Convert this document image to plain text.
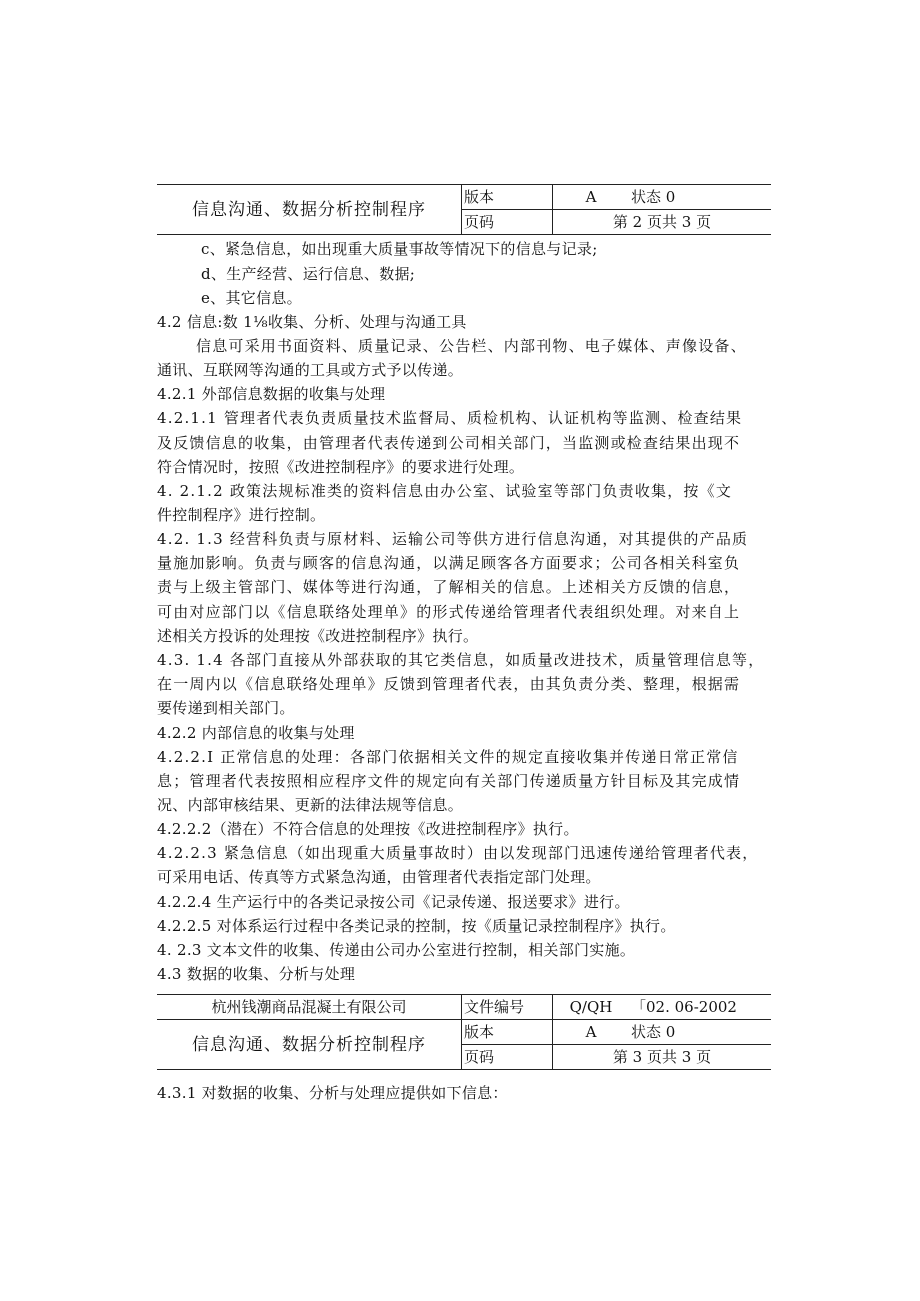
信息沟通、数据分析控制程序	版本	A	状态 0
	页码	第 2 页共 3 页	
c、紧急信息，如出现重大质量事故等情况下的信息与记录;
d、生产经营、运行信息、数据;
e、其它信息。
4.2 信息:数 1⅛收集、分析、处理与沟通工具
信息可采用书面资料、质量记录、公告栏、内部刊物、电子媒体、声像设备、
通讯、互联网等沟通的工具或方式予以传递。
4.2.1 外部信息数据的收集与处理
4.2.1.1 管理者代表负责质量技术监督局、质检机构、认证机构等监测、检查结果
及反馈信息的收集，由管理者代表传递到公司相关部门，当监测或检查结果出现不
符合情况时，按照《改进控制程序》的要求进行处理。
4. 2.1.2 政策法规标准类的资料信息由办公室、试验室等部门负责收集，按《文
件控制程序》进行控制。
4.2. 1.3 经营科负责与原材料、运输公司等供方进行信息沟通，对其提供的产品质
量施加影响。负责与顾客的信息沟通，以满足顾客各方面要求；公司各相关科室负
责与上级主管部门、媒体等进行沟通，了解相关的信息。上述相关方反馈的信息，
可由对应部门以《信息联络处理单》的形式传递给管理者代表组织处理。对来自上
述相关方投诉的处理按《改进控制程序》执行。
4.3. 1.4 各部门直接从外部获取的其它类信息，如质量改进技术，质量管理信息等，
在一周内以《信息联络处理单》反馈到管理者代表，由其负责分类、整理，根据需
要传递到相关部门。
4.2.2 内部信息的收集与处理
4.2.2.I 正常信息的处理：各部门依据相关文件的规定直接收集并传递日常正常信
息；管理者代表按照相应程序文件的规定向有关部门传递质量方针目标及其完成情
况、内部审核结果、更新的法律法规等信息。
4.2.2.2（潜在）不符合信息的处理按《改进控制程序》执行。
4.2.2.3 紧急信息（如出现重大质量事故时）由以发现部门迅速传递给管理者代表，
可采用电话、传真等方式紧急沟通，由管理者代表指定部门处理。
4.2.2.4 生产运行中的各类记录按公司《记录传递、报送要求》进行。
4.2.2.5 对体系运行过程中各类记录的控制，按《质量记录控制程序》执行。
4. 2.3 文本文件的收集、传递由公司办公室进行控制，相关部门实施。
4.3 数据的收集、分析与处理
杭州钱潮商品混凝土有限公司	文件编号	Q/QH	「02. 06-2002
信息沟通、数据分析控制程序	版本	A	状态 0
	页码	第 3 页共 3 页	
4.3.1 对数据的收集、分析与处理应提供如下信息：
